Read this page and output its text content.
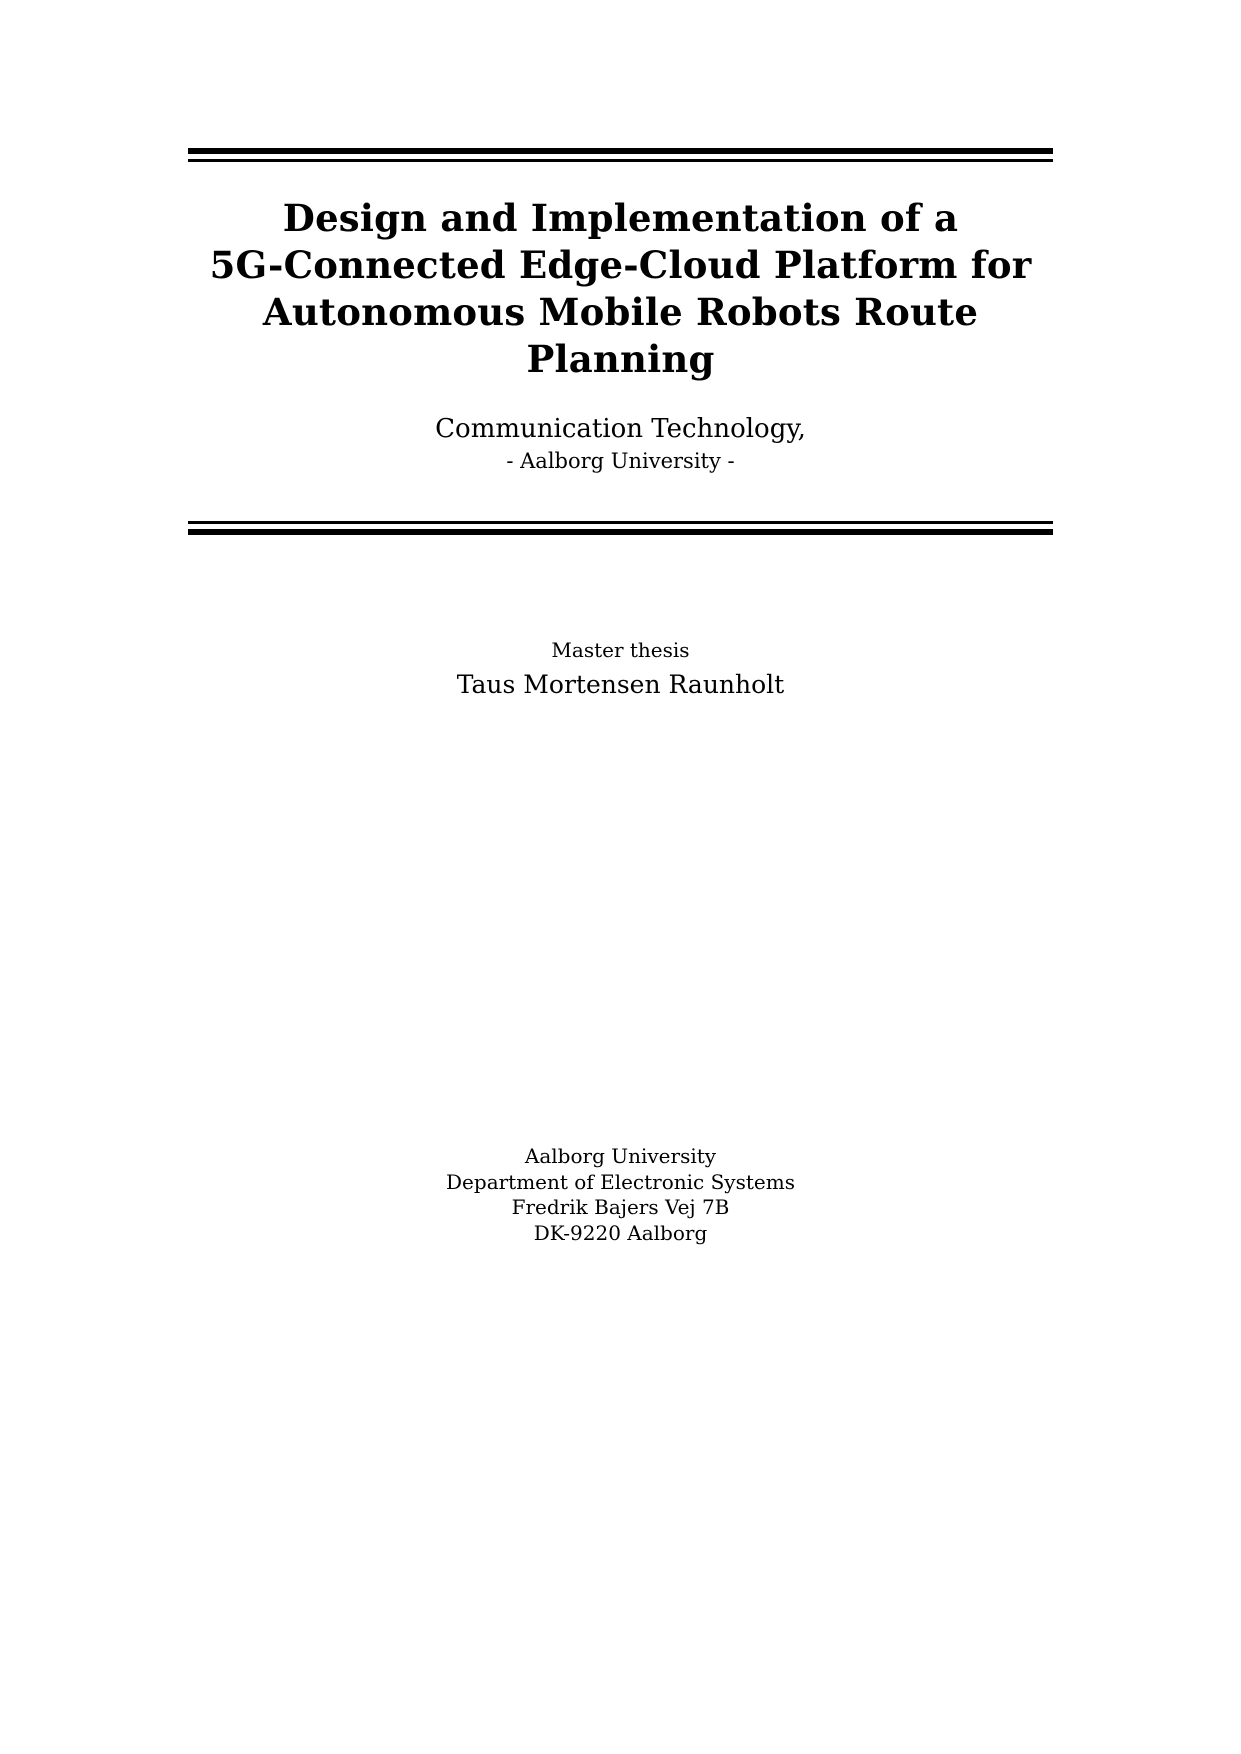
Design and Implementation of a
5G-Connected Edge-Cloud Platform for
Autonomous Mobile Robots Route
Planning
Communication Technology,
- Aalborg University -
Master thesis
Taus Mortensen Raunholt
Aalborg University
Department of Electronic Systems
Fredrik Bajers Vej 7B
DK-9220 Aalborg
